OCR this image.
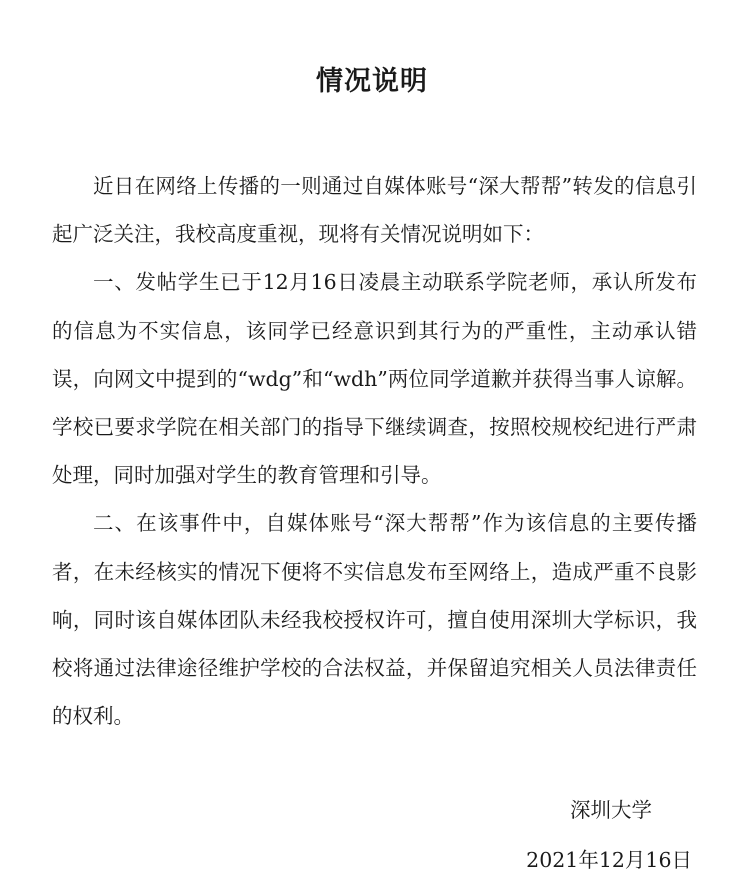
情况说明

近日在网络上传播的一则通过自媒体账号“深大帮帮”转发的信息引起广泛关注，我校高度重视，现将有关情况说明如下：

一、发帖学生已于12月16日凌晨主动联系学院老师，承认所发布的信息为不实信息，该同学已经意识到其行为的严重性，主动承认错误，向网文中提到的“wdg”和“wdh”两位同学道歉并获得当事人谅解。学校已要求学院在相关部门的指导下继续调查，按照校规校纪进行严肃处理，同时加强对学生的教育管理和引导。

二、在该事件中，自媒体账号“深大帮帮”作为该信息的主要传播者，在未经核实的情况下便将不实信息发布至网络上，造成严重不良影响，同时该自媒体团队未经我校授权许可，擅自使用深圳大学标识，我校将通过法律途径维护学校的合法权益，并保留追究相关人员法律责任的权利。

深圳大学
2021年12月16日
